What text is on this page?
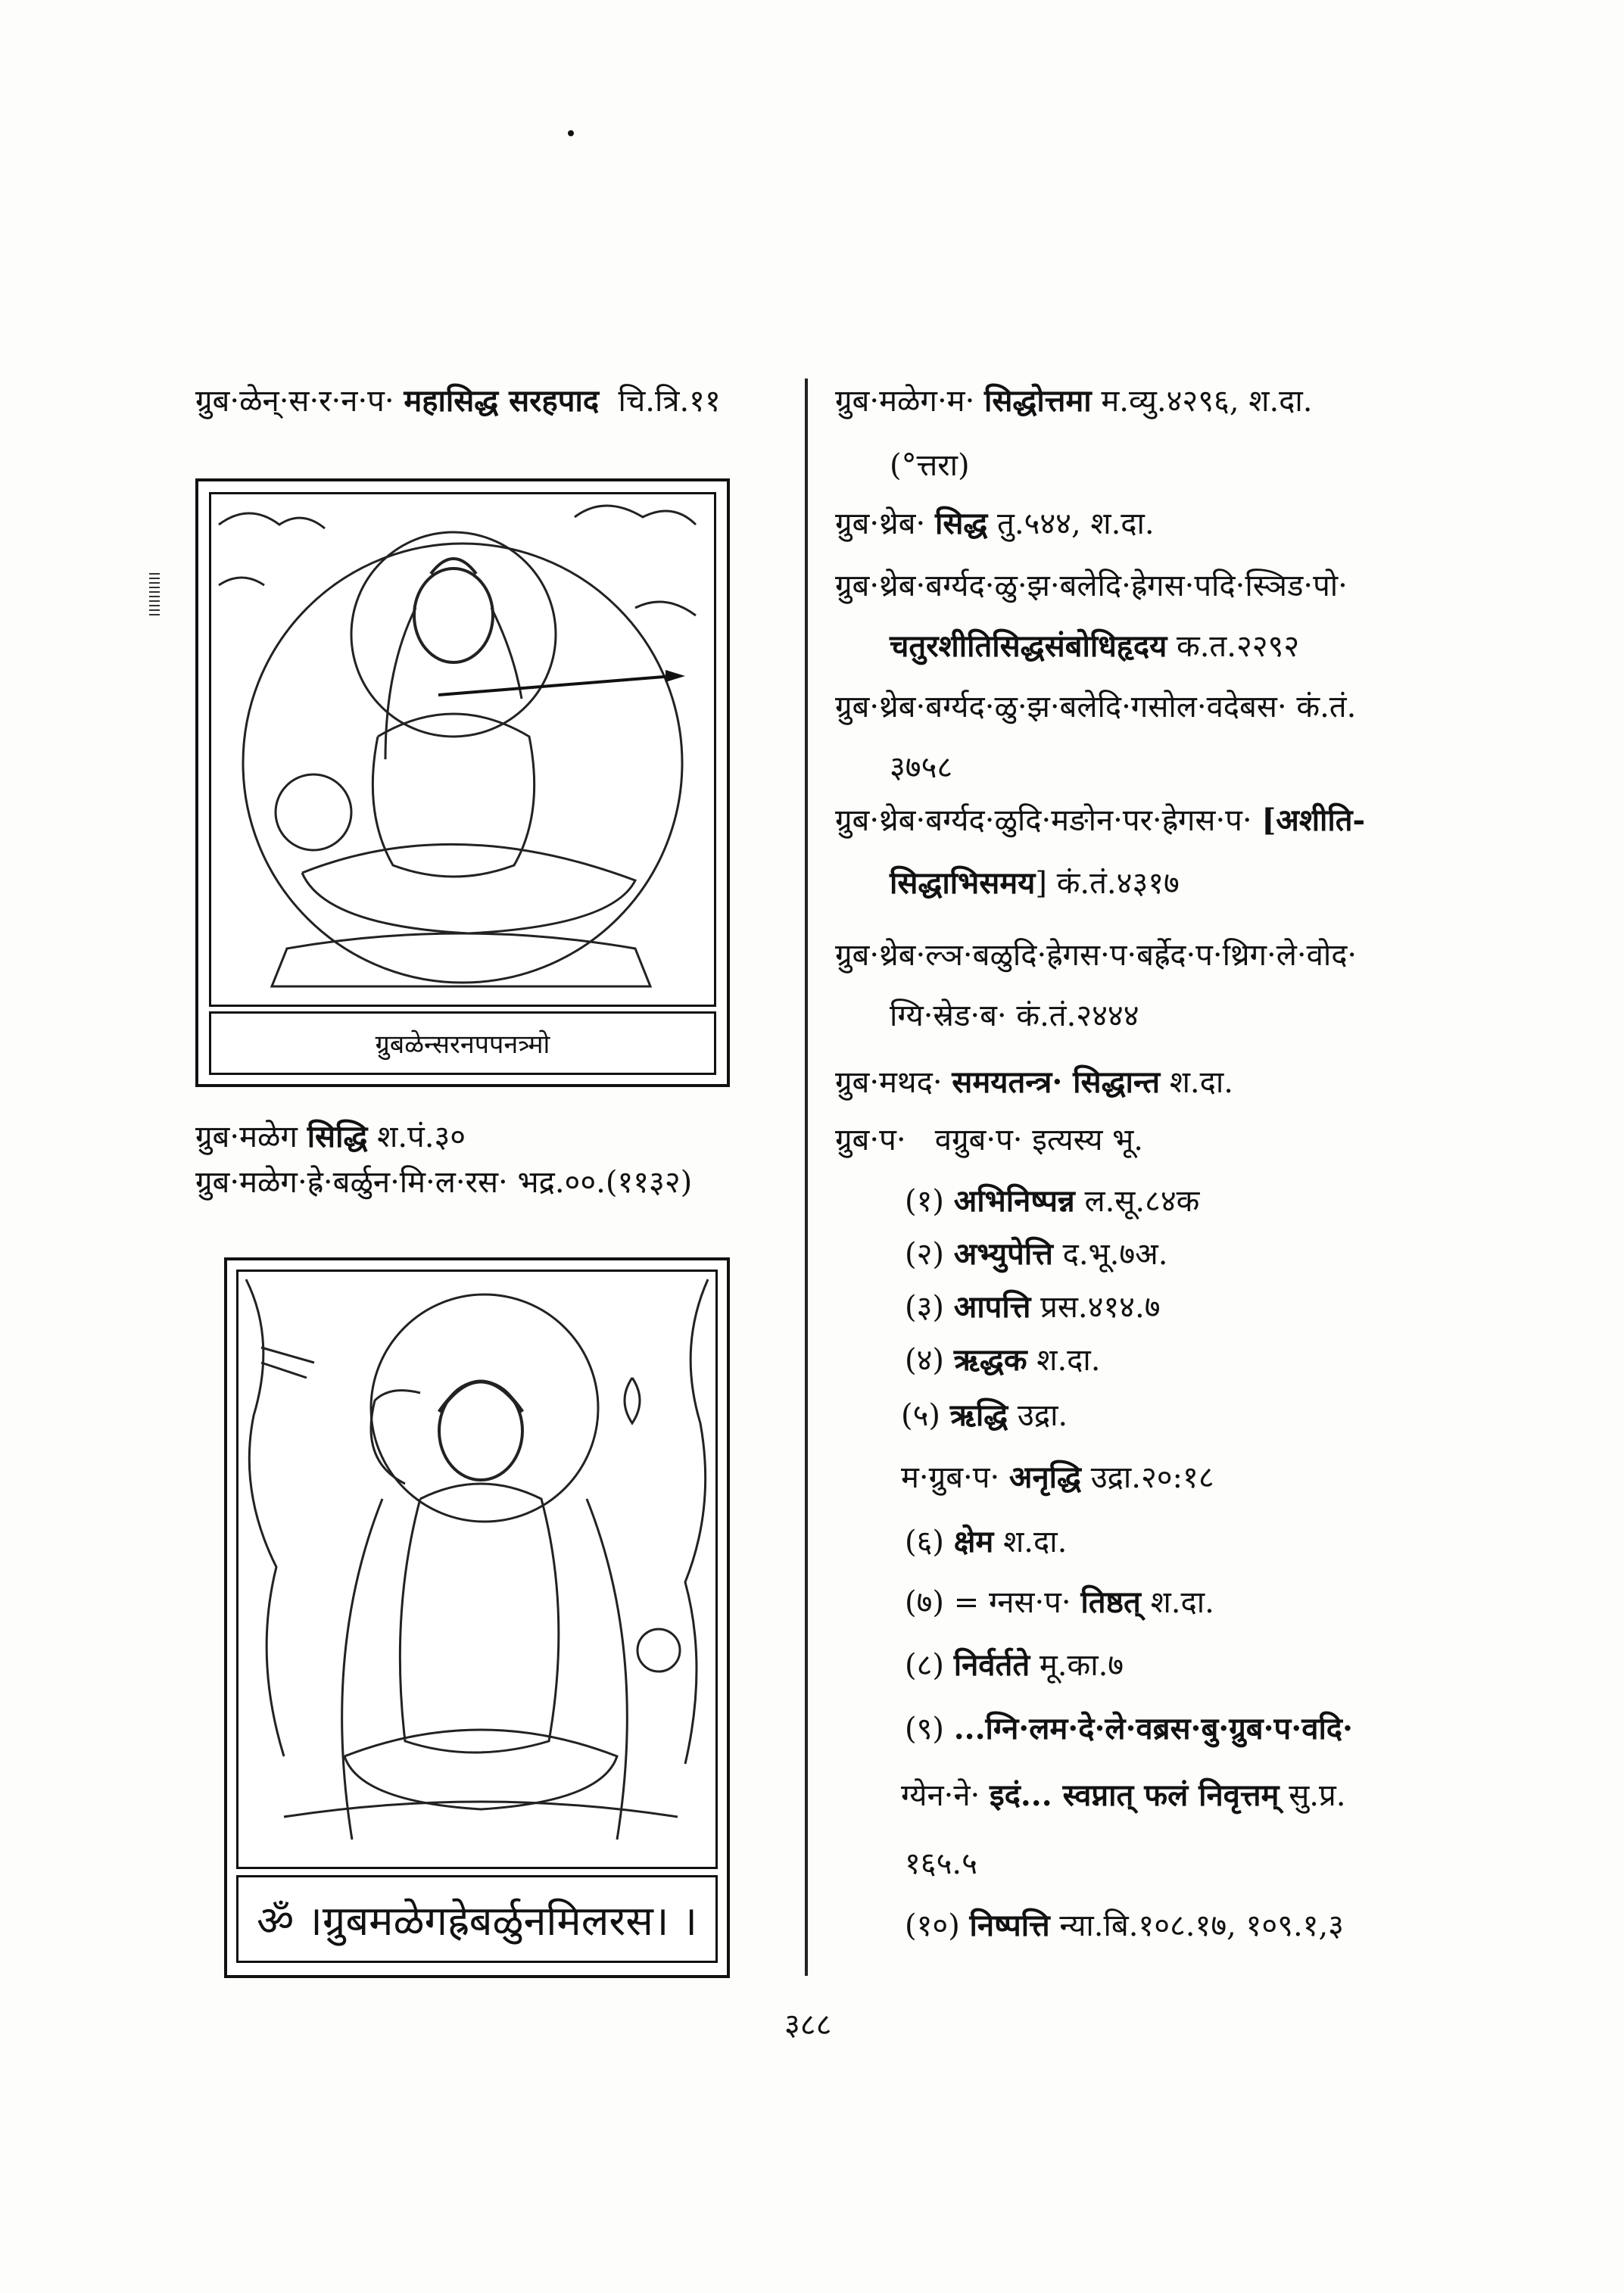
ग्रुब·ळेन्·स·र·न·प· महासिद्ध सरहपाद चि.त्रि.११
ग्रुबळेन्सरनपपनत्र्मो
ग्रुब·मळेग सिद्धि श.पं.३०
ग्रुब·मळेग·ह्रे·बर्ळुन·मि·ल·रस· भद्र.००.(११३२)
ॐ ।ग्रुबमळेगह्रेबर्ळुनमिलरस। ।
ग्रुब·मळेग·म· सिद्धोत्तमा म.व्यु.४२९६, श.दा.
(°त्तरा)
ग्रुब·थ्रेब· सिद्ध तु.५४४, श.दा.
ग्रुब·थ्रेब·बर्ग्यद·ळु·झ·बलेदि·ह्रेगस·पदि·स्ञिड·पो·
चतुरशीतिसिद्धसंबोधिहृदय क.त.२२९२
ग्रुब·थ्रेब·बर्ग्यद·ळु·झ·बलेदि·गसोल·वदेबस· कं.तं.
३७५८
ग्रुब·थ्रेब·बर्ग्यद·ळुदि·मङोन·पर·ह्रेगस·प· [अशीति-
सिद्धाभिसमय] कं.तं.४३१७
ग्रुब·थ्रेब·ल्ञ·बळुदि·ह्रेगस·प·बर्ह्रेद·प·थ्रिग·ले·वोद·
ग्यि·स्रेड·ब· कं.तं.२४४४
ग्रुब·मथद· समयतन्त्र· सिद्धान्त श.दा.
ग्रुब·प· वग्रुब·प· इत्यस्य भू.
(१) अभिनिष्पन्न ल.सू.८४क
(२) अभ्युपेत्ति द.भू.७अ.
(३) आपत्ति प्रस.४१४.७
(४) ऋद्धक श.दा.
(५) ऋद्धि उद्रा.
म·ग्रुब·प· अनृद्धि उद्रा.२०:१८
(६) क्षेम श.दा.
(७) = ग्नस·प· तिष्ठत् श.दा.
(८) निर्वर्तते मू.का.७
(९) ...ग्नि·लम·दे·ले·वब्रस·बु·ग्रुब·प·वदि·
ग्येन·ने· इदं... स्वप्नात् फलं निवृत्तम् सु.प्र.
१६५.५
(१०) निष्पत्ति न्या.बि.१०८.१७, १०९.१,३
३८८
